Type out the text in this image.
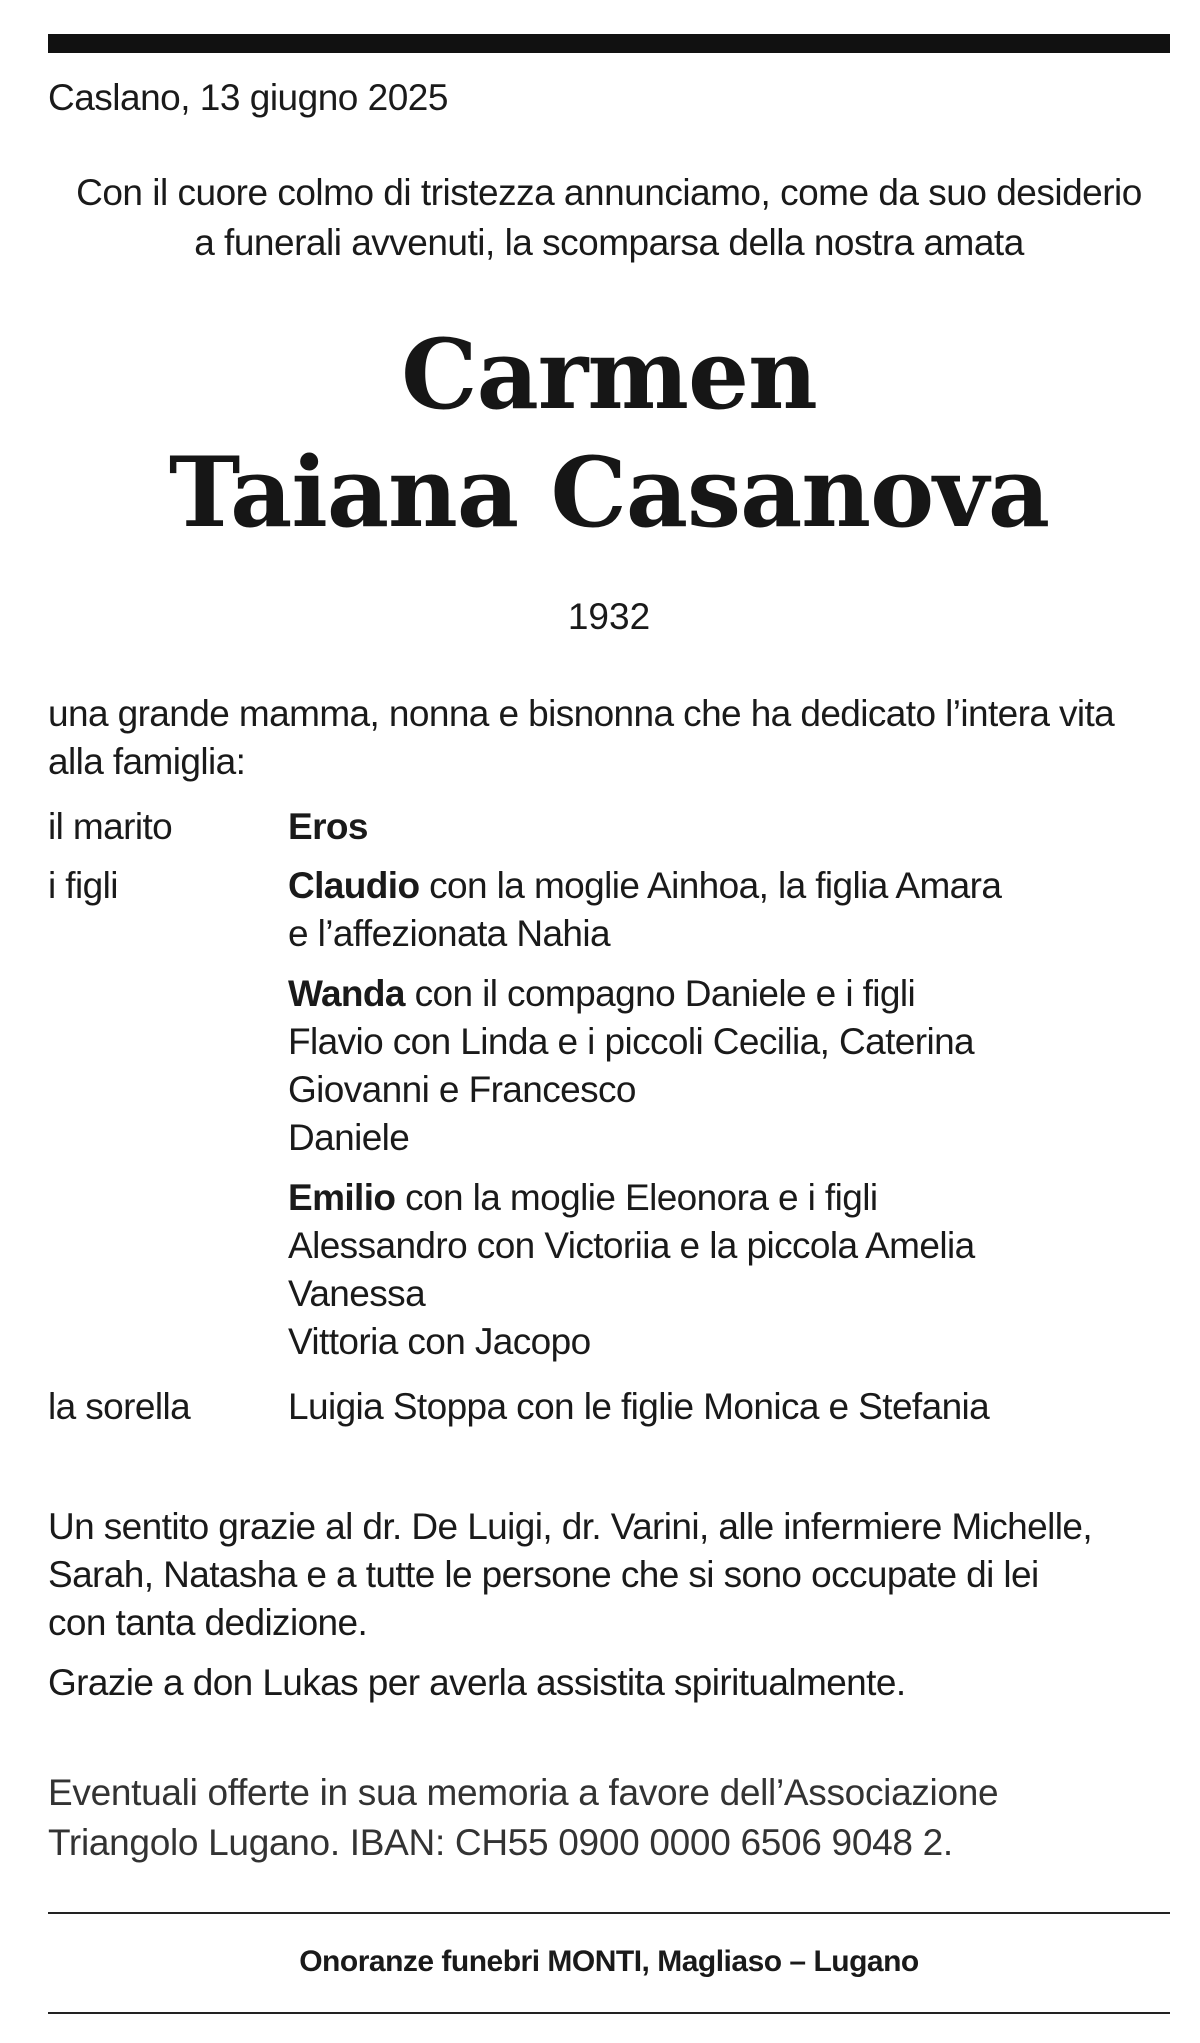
Caslano, 13 giugno 2025
Con il cuore colmo di tristezza annunciamo, come da suo desiderio
a funerali avvenuti, la scomparsa della nostra amata
Carmen
Taiana Casanova
1932
una grande mamma, nonna e bisnonna che ha dedicato l’intera vita
alla famiglia:
il marito	Eros
i figli	Claudio con la moglie Ainhoa, la figlia Amara
e l’affezionata Nahia
Wanda con il compagno Daniele e i figli
Flavio con Linda e i piccoli Cecilia, Caterina
Giovanni e Francesco
Daniele
Emilio con la moglie Eleonora e i figli
Alessandro con Victoriia e la piccola Amelia
Vanessa
Vittoria con Jacopo
la sorella	Luigia Stoppa con le figlie Monica e Stefania
Un sentito grazie al dr. De Luigi, dr. Varini, alle infermiere Michelle,
Sarah, Natasha e a tutte le persone che si sono occupate di lei
con tanta dedizione.
Grazie a don Lukas per averla assistita spiritualmente.
Eventuali offerte in sua memoria a favore dell’Associazione
Triangolo Lugano. IBAN: CH55 0900 0000 6506 9048 2.
Onoranze funebri MONTI, Magliaso – Lugano
